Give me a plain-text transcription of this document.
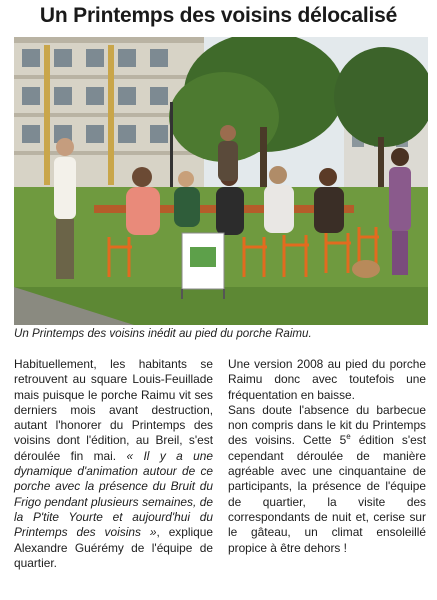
Un Printemps des voisins délocalisé
Un Printemps des voisins inédit au pied du porche Raimu.

Habituellement, les habitants se retrouvent au square Louis-Feuillade mais puisque le porche Raimu vit ses derniers mois avant destruction, autant l'honorer du Printemps des voisins dont l'édition, au Breil, s'est déroulée fin mai. « Il y a une dynamique d'animation autour de ce porche avec la présence du Bruit du Frigo pendant plusieurs semaines, de la P'tite Yourte et aujourd'hui du Printemps des voisins », explique Alexandre Guérémy de l'équipe de quartier.

Une version 2008 au pied du porche Raimu donc avec toutefois une fréquentation en baisse.

Sans doute l'absence du barbecue non compris dans le kit du Printemps des voisins. Cette 5e édition s'est cependant déroulée de manière agréable avec une cinquantaine de participants, la présence de l'équipe de quartier, la visite des correspondants de nuit et, cerise sur le gâteau, un climat ensoleillé propice à être dehors !
